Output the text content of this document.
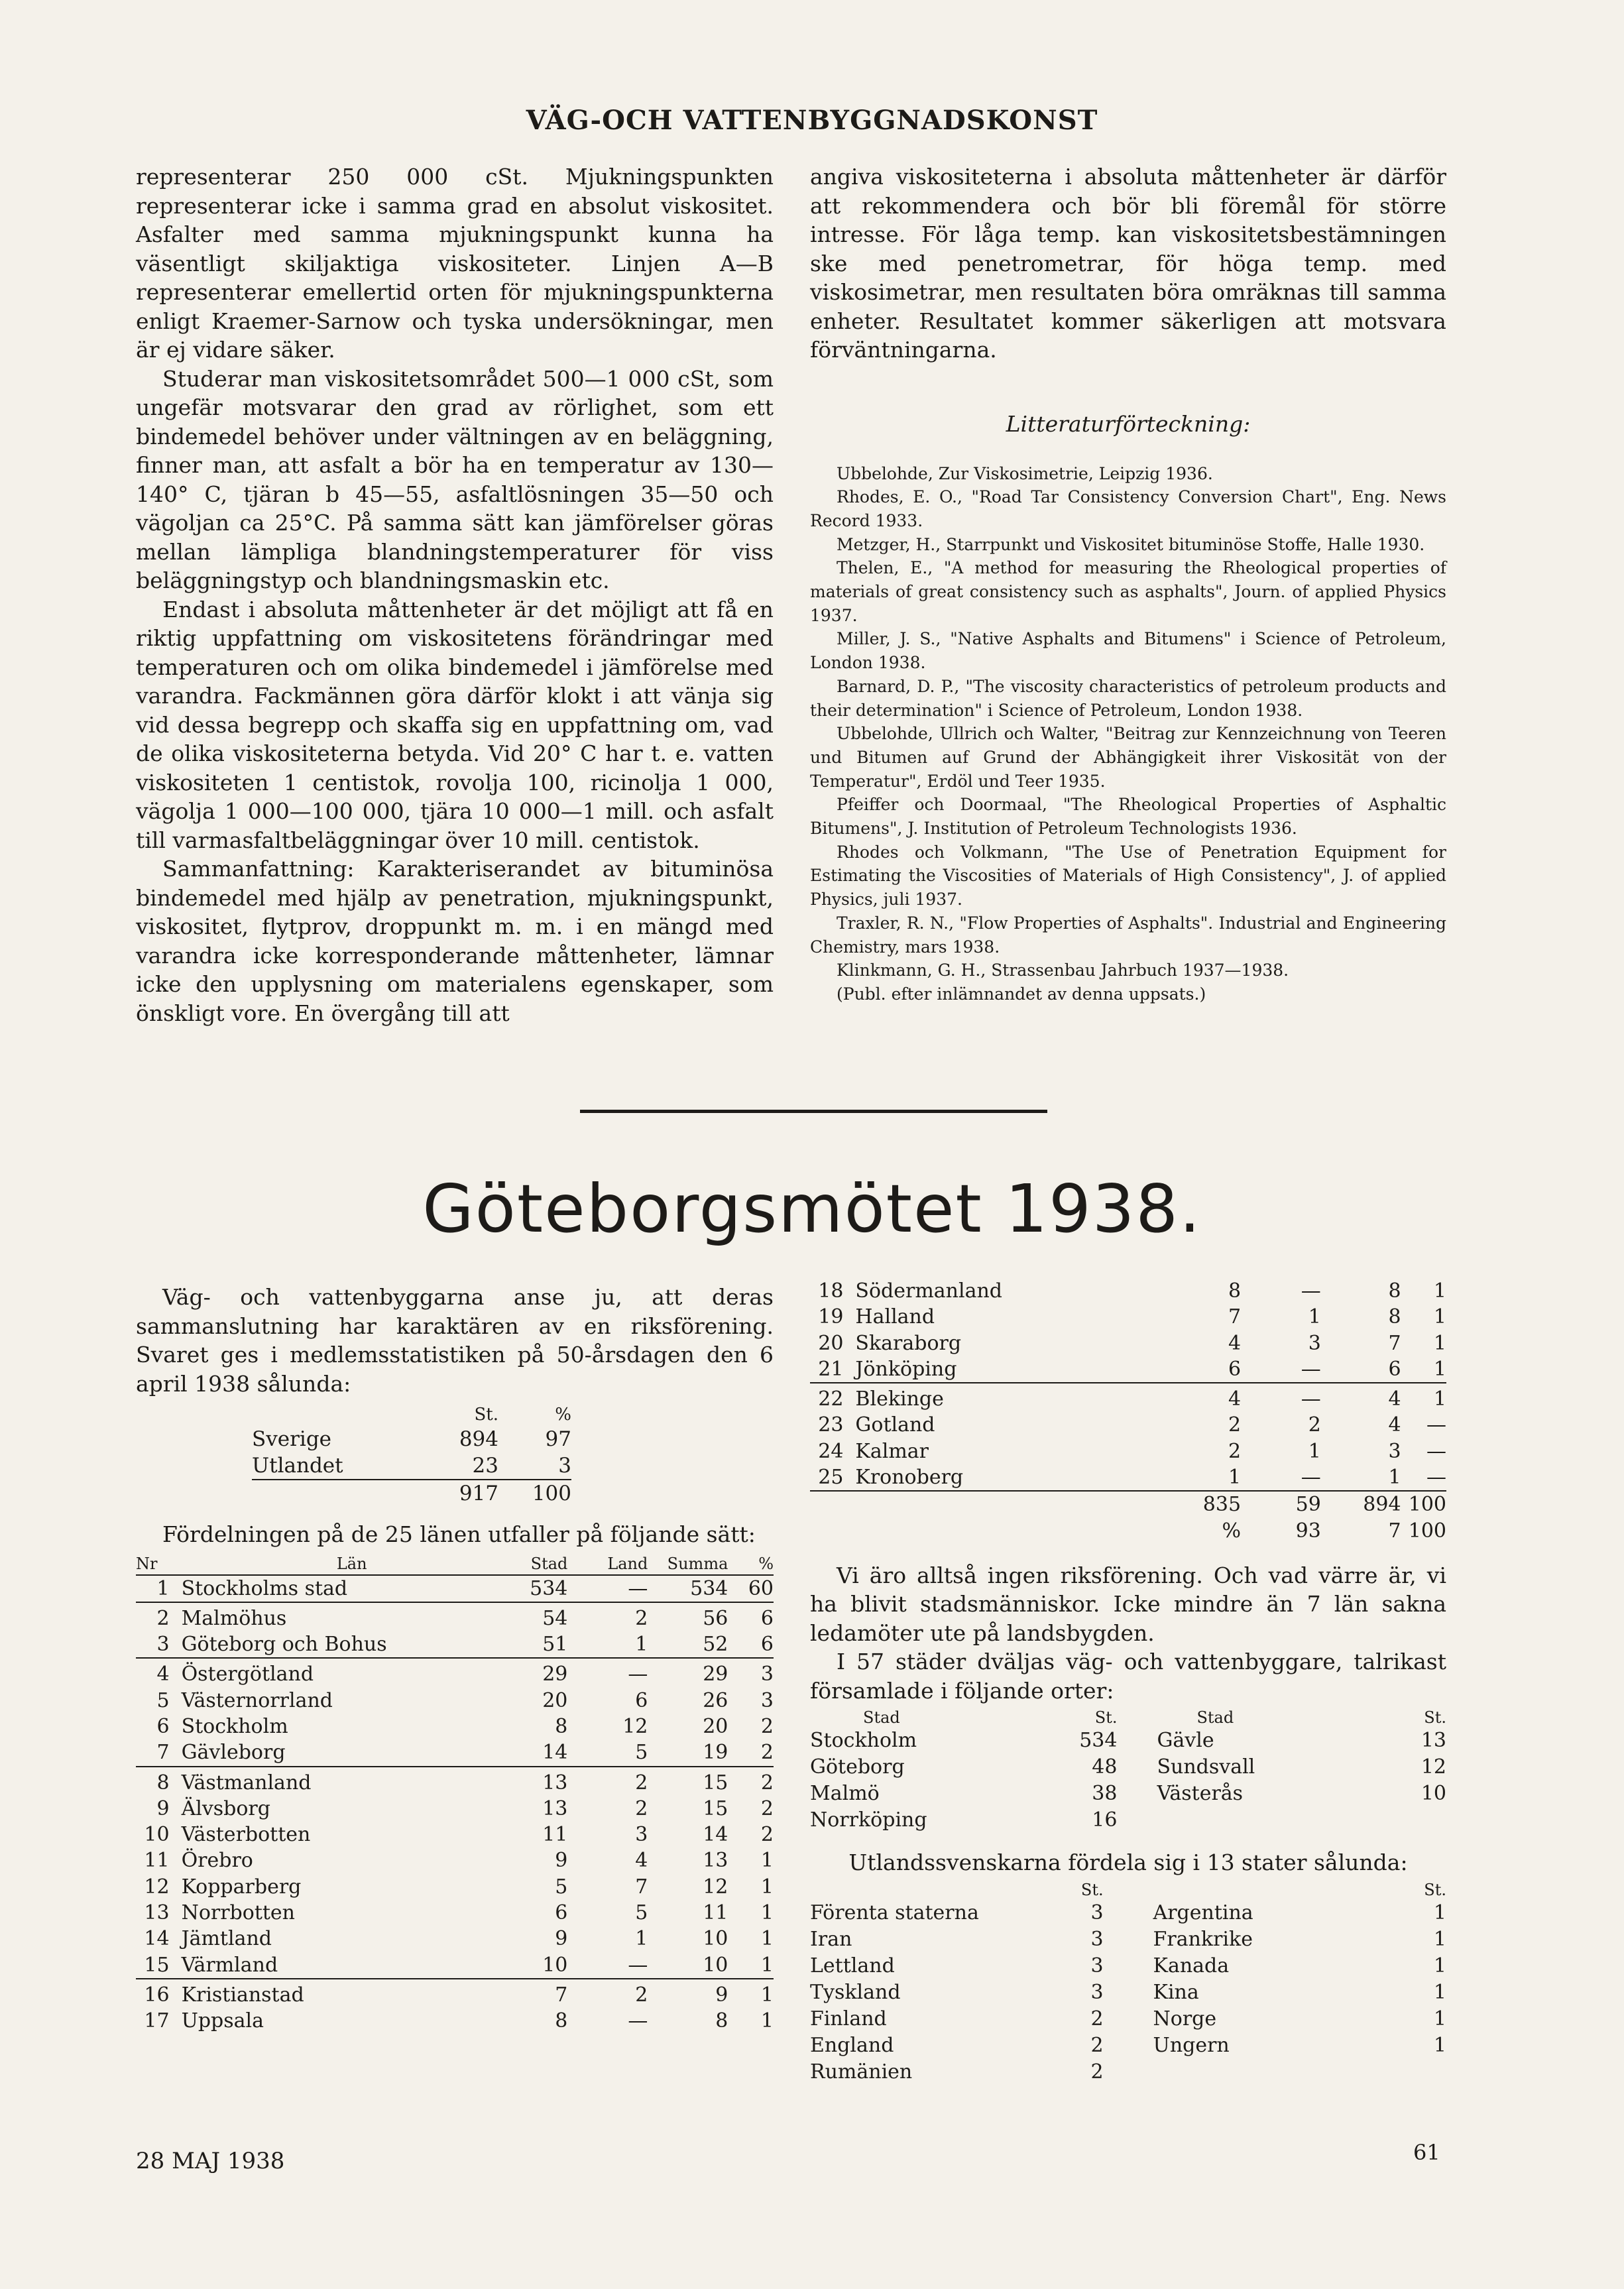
VÄG-OCH VATTENBYGGNADSKONST

representerar 250 000 cSt. Mjukningspunkten representerar icke i samma grad en absolut viskositet. Asfalter med samma mjukningspunkt kunna ha väsentligt skiljaktiga viskositeter. Linjen A—B representerar emellertid orten för mjukningspunkterna enligt Kraemer-Sarnow och tyska undersökningar, men är ej vidare säker.

Studerar man viskositetsområdet 500—1 000 cSt, som ungefär motsvarar den grad av rörlighet, som ett bindemedel behöver under vältningen av en beläggning, finner man, att asfalt a bör ha en temperatur av 130—140° C, tjäran b 45—55, asfaltlösningen 35—50 och vägoljan ca 25°C. På samma sätt kan jämförelser göras mellan lämpliga blandningstemperaturer för viss beläggningstyp och blandningsmaskin etc.

Endast i absoluta måttenheter är det möjligt att få en riktig uppfattning om viskositetens förändringar med temperaturen och om olika bindemedel i jämförelse med varandra. Fackmännen göra därför klokt i att vänja sig vid dessa begrepp och skaffa sig en uppfattning om, vad de olika viskositeterna betyda. Vid 20° C har t. e. vatten viskositeten 1 centistok, rovolja 100, ricinolja 1 000, vägolja 1 000—100 000, tjära 10 000—1 mill. och asfalt till varmasfaltbeläggningar över 10 mill. centistok.

Sammanfattning: Karakteriserandet av bituminösa bindemedel med hjälp av penetration, mjukningspunkt, viskositet, flytprov, droppunkt m. m. i en mängd med varandra icke korresponderande måttenheter, lämnar icke den upplysning om materialens egenskaper, som önskligt vore. En övergång till att

angiva viskositeterna i absoluta måttenheter är därför att rekommendera och bör bli föremål för större intresse. För låga temp. kan viskositetsbestämningen ske med penetrometrar, för höga temp. med viskosimetrar, men resultaten böra omräknas till samma enheter. Resultatet kommer säkerligen att motsvara förväntningarna.

Litteraturförteckning:

Ubbelohde, Zur Viskosimetrie, Leipzig 1936.

Rhodes, E. O., "Road Tar Consistency Conversion Chart", Eng. News Record 1933.

Metzger, H., Starrpunkt und Viskositet bituminöse Stoffe, Halle 1930.

Thelen, E., "A method for measuring the Rheological properties of materials of great consistency such as asphalts", Journ. of applied Physics 1937.

Miller, J. S., "Native Asphalts and Bitumens" i Science of Petroleum, London 1938.

Barnard, D. P., "The viscosity characteristics of petroleum products and their determination" i Science of Petroleum, London 1938.

Ubbelohde, Ullrich och Walter, "Beitrag zur Kennzeichnung von Teeren und Bitumen auf Grund der Abhängigkeit ihrer Viskosität von der Temperatur", Erdöl und Teer 1935.

Pfeiffer och Doormaal, "The Rheological Properties of Asphaltic Bitumens", J. Institution of Petroleum Technologists 1936.

Rhodes och Volkmann, "The Use of Penetration Equipment for Estimating the Viscosities of Materials of High Consistency", J. of applied Physics, juli 1937.

Traxler, R. N., "Flow Properties of Asphalts". Industrial and Engineering Chemistry, mars 1938.

Klinkmann, G. H., Strassenbau Jahrbuch 1937—1938.

(Publ. efter inlämnandet av denna uppsats.)

Göteborgsmötet 1938.

Väg- och vattenbyggarna anse ju, att deras sammanslutning har karaktären av en riksförening. Svaret ges i medlemsstatistiken på 50-årsdagen den 6 april 1938 sålunda:

	St.	%
Sverige	894	97
Utlandet	23	3
	917	100

Fördelningen på de 25 länen utfaller på följande sätt:

Nr	Län	Stad	Land	Summa	%
1	Stockholms stad	534	—	534	60
2	Malmöhus	54	2	56	6
3	Göteborg och Bohus	51	1	52	6
4	Östergötland	29	—	29	3
5	Västernorrland	20	6	26	3
6	Stockholm	8	12	20	2
7	Gävleborg	14	5	19	2
8	Västmanland	13	2	15	2
9	Älvsborg	13	2	15	2
10	Västerbotten	11	3	14	2
11	Örebro	9	4	13	1
12	Kopparberg	5	7	12	1
13	Norrbotten	6	5	11	1
14	Jämtland	9	1	10	1
15	Värmland	10	—	10	1
16	Kristianstad	7	2	9	1
17	Uppsala	8	—	8	1
18	Södermanland	8	—	8	1
19	Halland	7	1	8	1
20	Skaraborg	4	3	7	1
21	Jönköping	6	—	6	1
22	Blekinge	4	—	4	1
23	Gotland	2	2	4	—
24	Kalmar	2	1	3	—
25	Kronoberg	1	—	1	—
		835	59	894	100
		%	93	7	100

Vi äro alltså ingen riksförening. Och vad värre är, vi ha blivit stadsmänniskor. Icke mindre än 7 län sakna ledamöter ute på landsbygden.

I 57 städer dväljas väg- och vattenbyggare, talrikast församlade i följande orter:

Stad	St.		Stad	St.
Stockholm	534		Gävle	13
Göteborg	48		Sundsvall	12
Malmö	38		Västerås	10
Norrköping	16			

Utlandssvenskarna fördela sig i 13 stater sålunda:

	St.			St.
Förenta staterna	3		Argentina	1
Iran	3		Frankrike	1
Lettland	3		Kanada	1
Tyskland	3		Kina	1
Finland	2		Norge	1
England	2		Ungern	1
Rumänien	2			
28 MAJ 1938	61
